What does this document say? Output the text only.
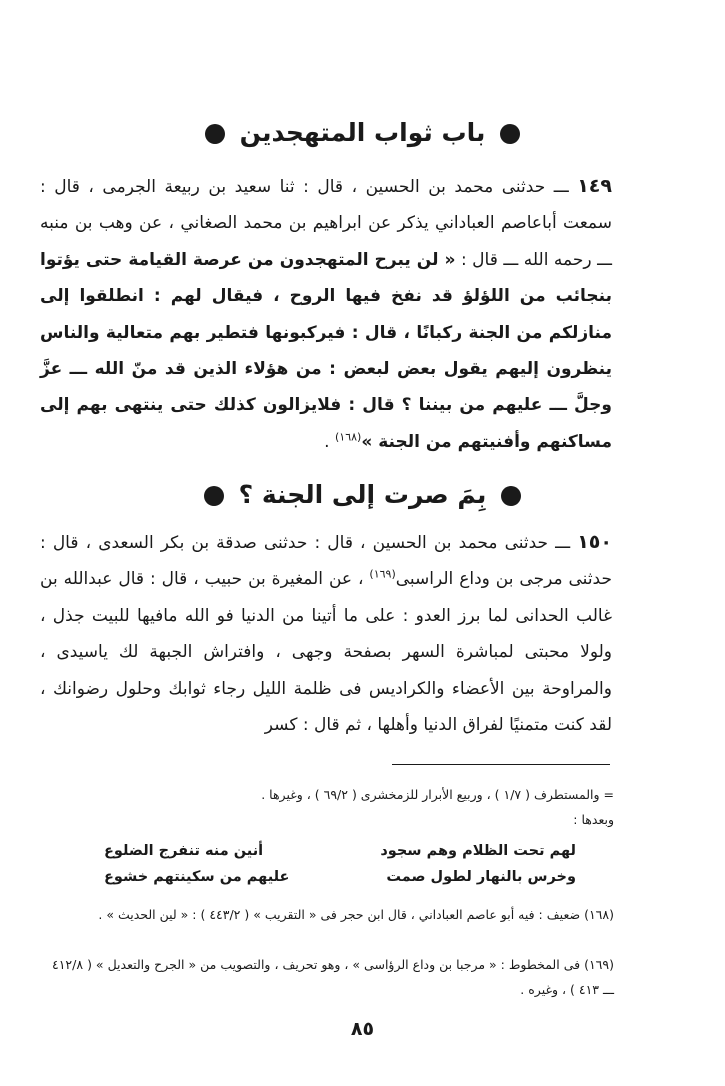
باب ثواب المتهجدين
١٤٩ ـــ حدثنى محمد بن الحسين ، قال : ثنا سعيد بن ربيعة الجرمى ، قال : سمعت أباعاصم العباداني يذكر عن ابراهيم بن محمد الصغاني ، عن وهب بن منبه ـــ رحمه الله ـــ قال : « لن يبرح المتهجدون من عرصة القيامة حتى يؤتوا بنجائب من اللؤلؤ قد نفخ فيها الروح ، فيقال لهم : انطلقوا إلى منازلكم من الجنة ركبانًا ، قال : فيركبونها فتطير بهم متعالية والناس ينظرون إليهم يقول بعض لبعض : من هؤلاء الذين قد منّ الله ـــ عزَّ وجلَّ ـــ عليهم من بيننا ؟ قال : فلايزالون كذلك حتى ينتهى بهم إلى مساكنهم وأفنيتهم من الجنة »$^{(١٦٨)}$ .
بِمَ صرت إلى الجنة ؟
١٥٠ ـــ حدثنى محمد بن الحسين ، قال : حدثنى صدقة بن بكر السعدى ، قال : حدثنى مرجى بن وداع الراسبى$^{(١٦٩)}$ ، عن المغيرة بن حبيب ، قال : قال عبدالله بن غالب الحدانى لما برز العدو : على ما أتينا من الدنيا فو الله مافيها للبيت جذل ، ولولا محبتى لمباشرة السهر بصفحة وجهى ، وافتراش الجبهة لك ياسيدى ، والمراوحة بين الأعضاء والكراديس فى ظلمة الليل رجاء ثوابك وحلول رضوانك ، لقد كنت متمنيًا لفراق الدنيا وأهلها ، ثم قال : كسر
= والمستطرف ( ١/٧ ) ، وربيع الأبرار للزمخشرى ( ٦٩/٢ ) ، وغيرها .
وبعدها :
لهم تحت الظلام وهم سجود
أنين منه تنفرج الضلوع
وخرس بالنهار لطول صمت
عليهم من سكينتهم خشوع
(١٦٨) ضعيف : فيه أبو عاصم العباداني ، قال ابن حجر فى « التقريب » ( ٤٤٣/٢ ) : « لين الحديث » .
(١٦٩) فى المخطوط : « مرجبا بن وداع الرؤاسى » ، وهو تحريف ، والتصويب من « الجرح والتعديل » ( ٤١٢/٨ ـــ ٤١٣ ) ، وغيره .
٨٥
